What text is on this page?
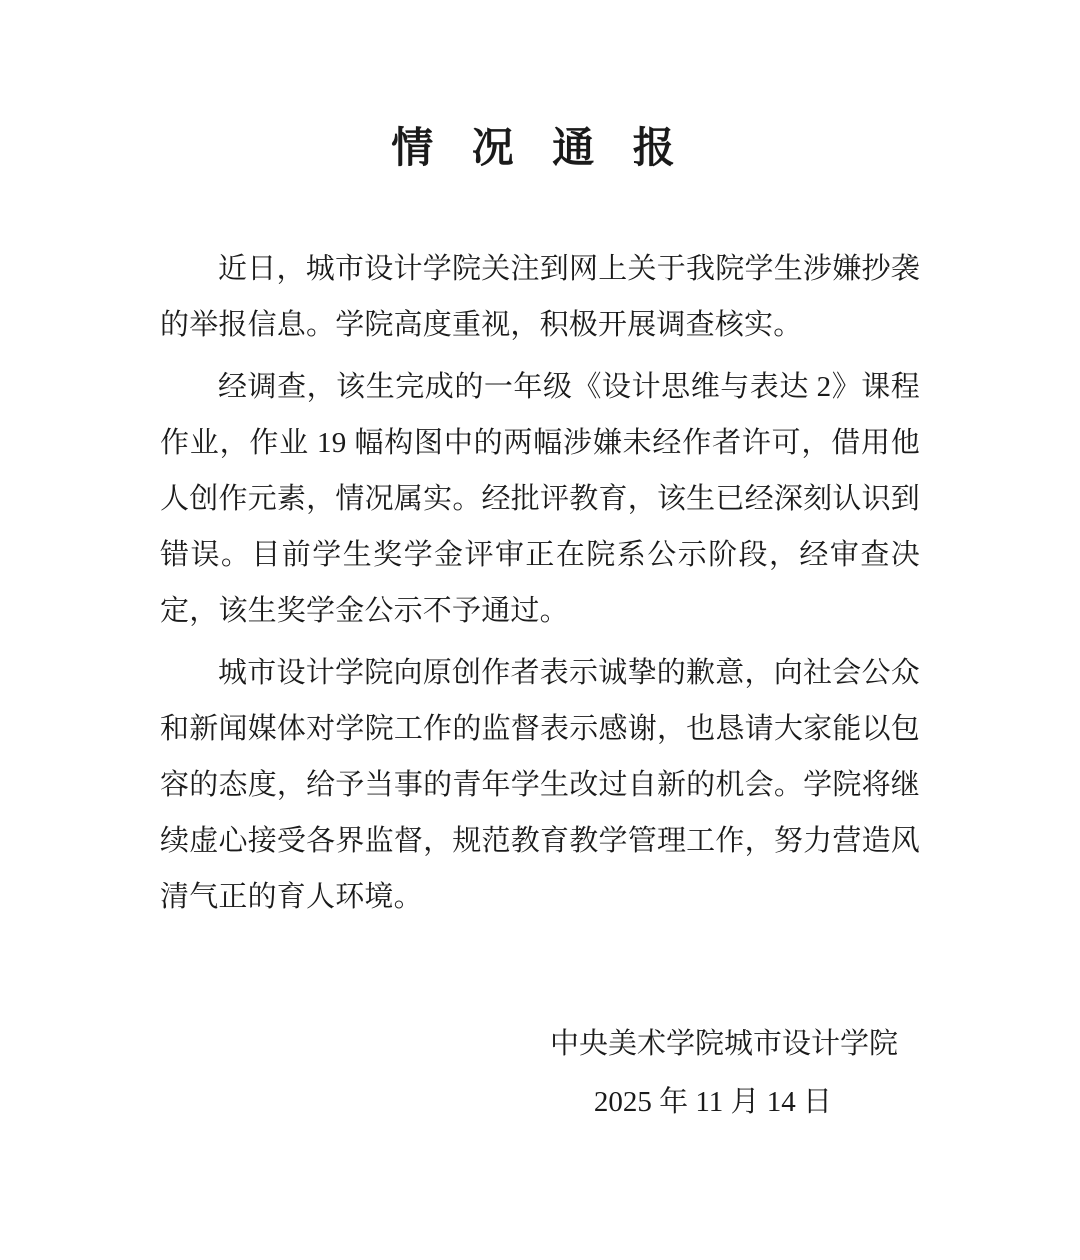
情 况 通 报

近日，城市设计学院关注到网上关于我院学生涉嫌抄袭的举报信息。学院高度重视，积极开展调查核实。

经调查，该生完成的一年级《设计思维与表达 2》课程作业，作业 19 幅构图中的两幅涉嫌未经作者许可，借用他人创作元素，情况属实。经批评教育，该生已经深刻认识到错误。目前学生奖学金评审正在院系公示阶段，经审查决定，该生奖学金公示不予通过。

城市设计学院向原创作者表示诚挚的歉意，向社会公众和新闻媒体对学院工作的监督表示感谢，也恳请大家能以包容的态度，给予当事的青年学生改过自新的机会。学院将继续虚心接受各界监督，规范教育教学管理工作，努力营造风清气正的育人环境。

中央美术学院城市设计学院
2025 年 11 月 14 日
